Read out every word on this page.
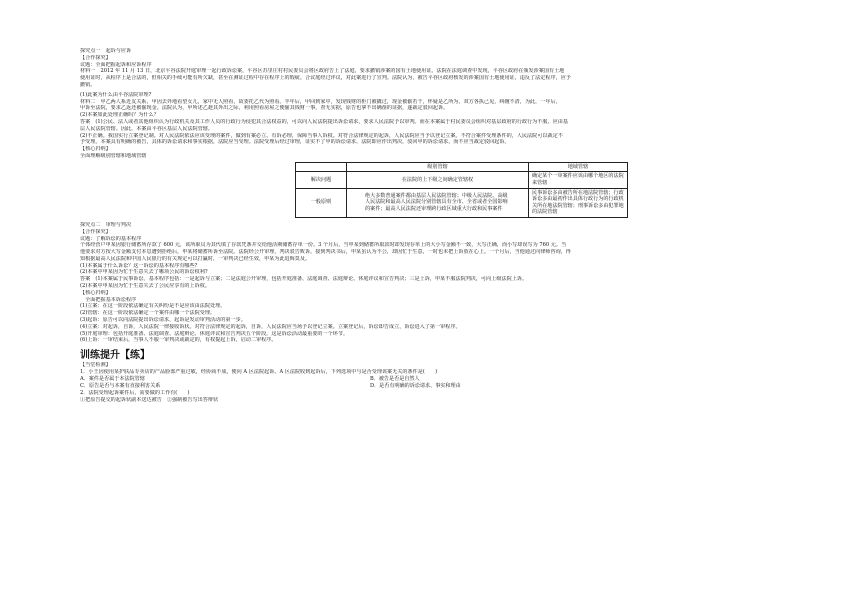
探究点一　起诉与应诉
【合作探究】
议题：全面把握起诉和应诉程序
材料一　2012 年 11 月 13 日，北京平谷法院开庭审理一起行政诉讼案，平谷区苏里庄村村民委员会将区政府告上了法庭，要求撤销涉案的国有土地使用证。法院在法庭调查中发现，平谷区政府在颁发涉案国有土地
使用证时，从程序上是合法的，但相关的手续可能有所欠缺，甚至在测证过程中存在程序上的瑕疵。合议庭经过评议，对此案进行了宣判。法院认为，被告平谷区政府核发的涉案国有土地使用证，违反了法定程序，应予
撤销。
(1)此案为什么由平谷法院审理?
材料二　甲乙两人系近友关系，甲因去外地看望女儿，家中无人照看，故委托乙代为照看。半年后，甲回到家中，发现钱财的柜门被撬过，现金被偷若干，怀疑是乙所为，双方各执己见，纠缠不清，为此，一年后，
甲诉至法院，要求乙返还被偷现金。法院认为，甲所述乙趁其外出之际，利用照看房屋之便偷其钱财一事，查无实据，原告也拿不出确凿的证据，遂裁定驳回起诉。
(2)本案如此处理正确吗？为什么？
答案　(1)公民、法人或者其他组织认为行政机关及其工作人员的行政行为侵犯其合法权益的，可以向人民法院提出诉讼请求，要求人民法院予以审判。而在本案属于村民委员会组织对基层政府的行政行为不服，应由基
层人民法院管辖。因此，本案由平谷区基层人民法院管辖。
(2)不正确。我国实行立案登记制。对人民法院依法应该受理的案件，做到有案必立、有诉必理，保障当事人诉权。对符合法律规定的起诉，人民法院应当予以登记立案。不符合案件受理条件的，人民法院可以裁定不
予受理。本案具有明确的被告，具体的诉讼请求和事实根据，法院应当受理。法院受理后经过审理，证实不了甲的诉讼请求，法院即应作出判决，驳回甲的诉讼请求，而不应当裁定驳回起诉。
【核心归纳】
全面理解级别管辖和地域管辖
	级别管辖	地域管辖
解决问题	在法院的上下级之间确定管辖权	确定某个一审案件应该由哪个地区的法院来管辖
一般原则	绝大多数普通案件都由基层人民法院管辖；中级人民法院、高级人民法院和最高人民法院分别管辖具有全市、全省或者全国影响的案件；最高人民法院还审理跨行政区域重大行政和民事案件	民事诉讼多由被告所在地法院管辖；行政诉讼多由最初作出具体行政行为的行政机关所在地法院管辖；刑事诉讼多由犯罪地的法院管辖
探究点二　审理与判决
【合作探究】
议题：了解诉讼的基本程序
个体经营户申某因银行储蓄所存款了 600 元，该所职员为其代填了存款凭条并交给他活期储蓄存单一份。3 个月后，当申某到储蓄所取款时却发现存单上的大小写金额不一致，大写正确，而小写却误写为 760 元。当
他要求对方按大写金额支付本息遭到拒绝后，申某将储蓄所诉至法院。法院经公开审理，判决驳告败诉。接到判决书后，申某虽认为不公，却因忙于生意，一时也未把上诉放在心上。一个月后，当他通过向律师咨询，得
知根据最高人民法院和中国人民银行的有关规定可以打赢时，一审判决已经生效，申某为此追悔莫及。
(1)本案属于什么诉讼？这一诉讼的基本程序有哪些?
(2)本案中申某因为忙于生意失去了哪项公民的诉讼权利?
答案　(1)本案属于民事诉讼。基本程序包括：一是起诉与立案；二是法庭公开审理，包括开庭准备、法庭调查、法庭辩论、休庭评议和宣告判决；三是上诉，申某不服法院判决，可向上级法院上诉。
(2)本案中申某因为忙于生意失去了公民应享有的上诉权。
【核心归纳】
　全面把握基本诉讼程序
(1)立案：在这一阶段依法确定有关纠纷是不是应该由法院处理。
(2)管辖：在这一阶段依法确定一个案件由哪一个法院受理。
(3)起诉：原告可以向法院提出诉讼请求，起诉是发动审判活动的第一步。
(4)立案：对起诉，自诉，人民法院一律接收诉状。对符合法律规定的起诉，自诉，人民法院应当场予以登记立案。立案登记后，诉讼即告成立，诉讼进入了第一审程序。
(5)开庭审理：包括开庭准备、法庭调查、法庭辩论、休庭评议和宣告判决五个阶段。这是诉讼活动最重要的一个环节。
(6)上诉：一审结束后，当事人不服一审判决或裁定的，有权提起上诉，启动二审程序。
训练提升【练】
【当堂检测】
1．小王因使用某护肤品专卖店的产品脸部严重过敏，经协商不成，便向 A 区法院起诉。A 区法院收到起诉后，下列选项中与是否受理该案无关的条件是(　　)
A．案件是否属于本法院管辖	B．被告是否是自然人
C．原告是否与本案有直接利害关系	D．是否有明确的诉讼请求、事实和理由
2．法院受理起诉案件后，需要做的工作有(　　)
①把原告提交的起诉状副本送达被告　②强制被告写出答辩状
